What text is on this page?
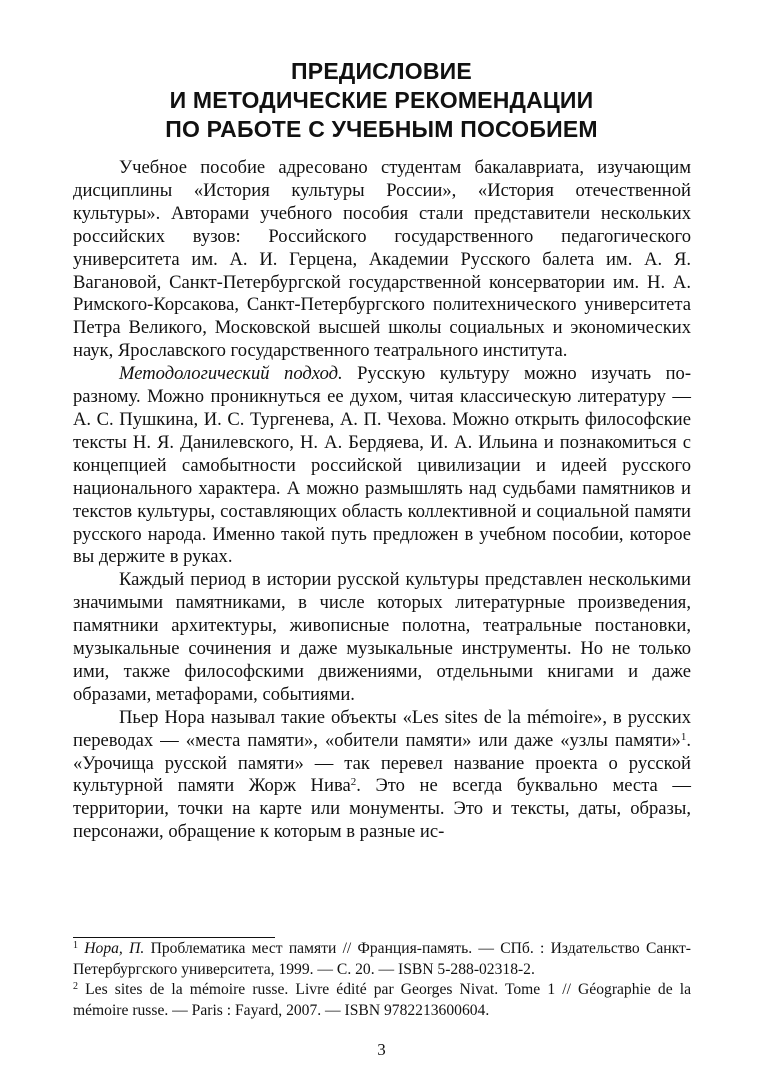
ПРЕДИСЛОВИЕ
И МЕТОДИЧЕСКИЕ РЕКОМЕНДАЦИИ
ПО РАБОТЕ С УЧЕБНЫМ ПОСОБИЕМ

Учебное пособие адресовано студентам бакалавриата, изучающим дисциплины «История культуры России», «История отечественной культуры». Авторами учебного пособия стали представители нескольких российских вузов: Российского государственного педагогического университета им. А. И. Герцена, Академии Русского балета им. А. Я. Вагановой, Санкт-Петербургской государственной консерватории им. Н. А. Римского-Корсакова, Санкт-Петербургского политехнического университета Петра Великого, Московской высшей школы социальных и экономических наук, Ярославского государственного театрального института.

Методологический подход. Русскую культуру можно изучать по-разному. Можно проникнуться ее духом, читая классическую литературу — А. С. Пушкина, И. С. Тургенева, А. П. Чехова. Можно открыть философские тексты Н. Я. Данилевского, Н. А. Бердяева, И. А. Ильина и познакомиться с концепцией самобытности российской цивилизации и идеей русского национального характера. А можно размышлять над судьбами памятников и текстов культуры, составляющих область коллективной и социальной памяти русского народа. Именно такой путь предложен в учебном пособии, которое вы держите в руках.

Каждый период в истории русской культуры представлен несколькими значимыми памятниками, в числе которых литературные произведения, памятники архитектуры, живописные полотна, театральные постановки, музыкальные сочинения и даже музыкальные инструменты. Но не только ими, также философскими движениями, отдельными книгами и даже образами, метафорами, событиями.

Пьер Нора называл такие объекты «Les sites de la mémoire», в русских переводах — «места памяти», «обители памяти» или даже «узлы памяти»$^1$. «Урочища русской памяти» — так перевел название проекта о русской культурной памяти Жорж Нива$^2$. Это не всегда буквально места — территории, точки на карте или монументы. Это и тексты, даты, образы, персонажи, обращение к которым в разные ис-

$^1$ Нора, П. Проблематика мест памяти // Франция-память. — СПб. : Издательство Санкт-Петербургского университета, 1999. — С. 20. — ISBN 5-288-02318-2.

$^2$ Les sites de la mémoire russe. Livre édité par Georges Nivat. Tome 1 // Géographie de la mémoire russe. — Paris : Fayard, 2007. — ISBN 9782213600604.

3
